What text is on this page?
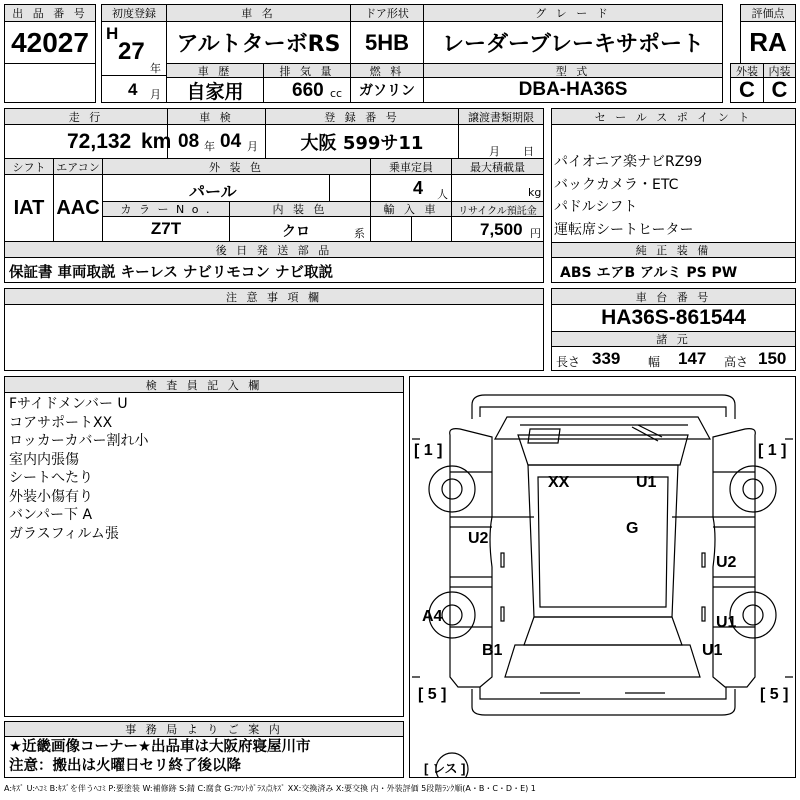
出 品 番 号
42027
初度登録
H
27
年
4 月
車 名
アルトターボRS
ドア形状
5HB
グ レ ー ド
レーダーブレーキサポート
評価点
RA
車 歴
自家用
排 気 量
660 cc
燃 料
ガソリン
型 式
DBA-HA36S
外装
C
内装
C
走 行
72,132 km
車 検
08 年 04 月
登 録 番 号
大阪 599サ11
譲渡書類期限
月 日
シフト
IAT
エアコン
AAC
外 装 色
パール
乗車定員
4 人
最大積載量
kg
カ ラ ー N o .
Z7T
内 装 色
クロ	系
輸 入 車	リサイクル預託金
7,500 円
後 日 発 送 部 品
保証書 車両取説 キーレス ナビリモコン ナビ取説
セ ー ル ス ポ イ ン ト
パイオニア楽ナビRZ99
バックカメラ・ETC
パドルシフト
運転席シートヒーター
純 正 装 備
ABS エアB アルミ PS PW
注 意 事 項 欄	車 台 番 号
HA36S-861544
諸 元
長さ 339 幅 147 高さ 150
検 査 員 記 入 欄
Fサイドメンバー U
コアサポートXX
ロッカーカバー割れ小
室内内張傷
シートへたり
外装小傷有り
バンパー下 A
ガラスフィルム張
事 務 局 よ り ご 案 内
★近畿画像コーナー★出品車は大阪府寝屋川市
注意：搬出は火曜日セリ終了後以降
[ 1 ]	[ 1 ]
[ 5 ]	[ 5 ]
[ レス ]
XX	U1
G
U2
U2
A4	U1
B1	U1
A:ｷｽﾞ U:ﾍｺﾐ B:ｷｽﾞを伴うﾍｺﾐ P:要塗装 W:補修跡 S:錆 C:腐食 G:ﾌﾛﾝﾄｶﾞﾗｽ点ｷｽﾞ XX:交換済み X:要交換 内・外装評価 5段階ﾗﾝｸ順(A・B・C・D・E) 1
